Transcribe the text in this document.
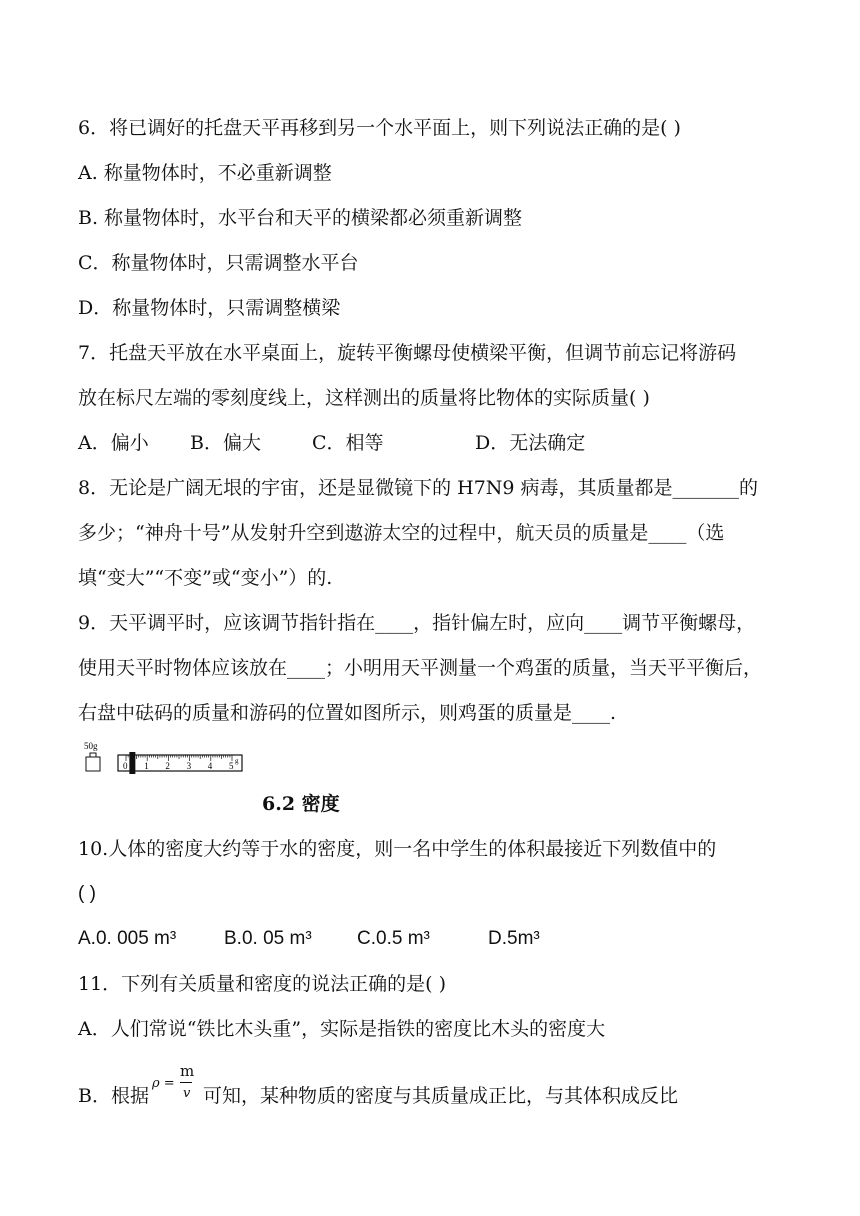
6．将已调好的托盘天平再移到另一个水平面上，则下列说法正确的是( )
A. 称量物体时，不必重新调整
B. 称量物体时，水平台和天平的横梁都必须重新调整
C．称量物体时，只需调整水平台
D．称量物体时，只需调整横梁
7．托盘天平放在水平桌面上，旋转平衡螺母使横梁平衡，但调节前忘记将游码
放在标尺左端的零刻度线上，这样测出的质量将比物体的实际质量( )
A．偏小 B．偏大	C．相等	D．无法确定
8．无论是广阔无垠的宇宙，还是显微镜下的 H7N9 病毒，其质量都是_______的
多少；“神舟十号”从发射升空到遨游太空的过程中，航天员的质量是____（选
填“变大”“不变”或“变小”）的.
9．天平调平时，应该调节指针指在____，指针偏左时，应向____调节平衡螺母，
使用天平时物体应该放在____；小明用天平测量一个鸡蛋的质量，当天平平衡后，
右盘中砝码的质量和游码的位置如图所示，则鸡蛋的质量是____.
50g
0 1 2 3 4 5 g
6.2 密度
10.人体的密度大约等于水的密度，则一名中学生的体积最接近下列数值中的
( )
A.0. 005 m³	B.0. 05 m³ C.0.5 m³	D.5m³
11．下列有关质量和密度的说法正确的是( )
A．人们常说“铁比木头重”，实际是指铁的密度比木头的密度大
B．根据
ρ =
m
v 可知，某种物质的密度与其质量成正比，与其体积成反比
